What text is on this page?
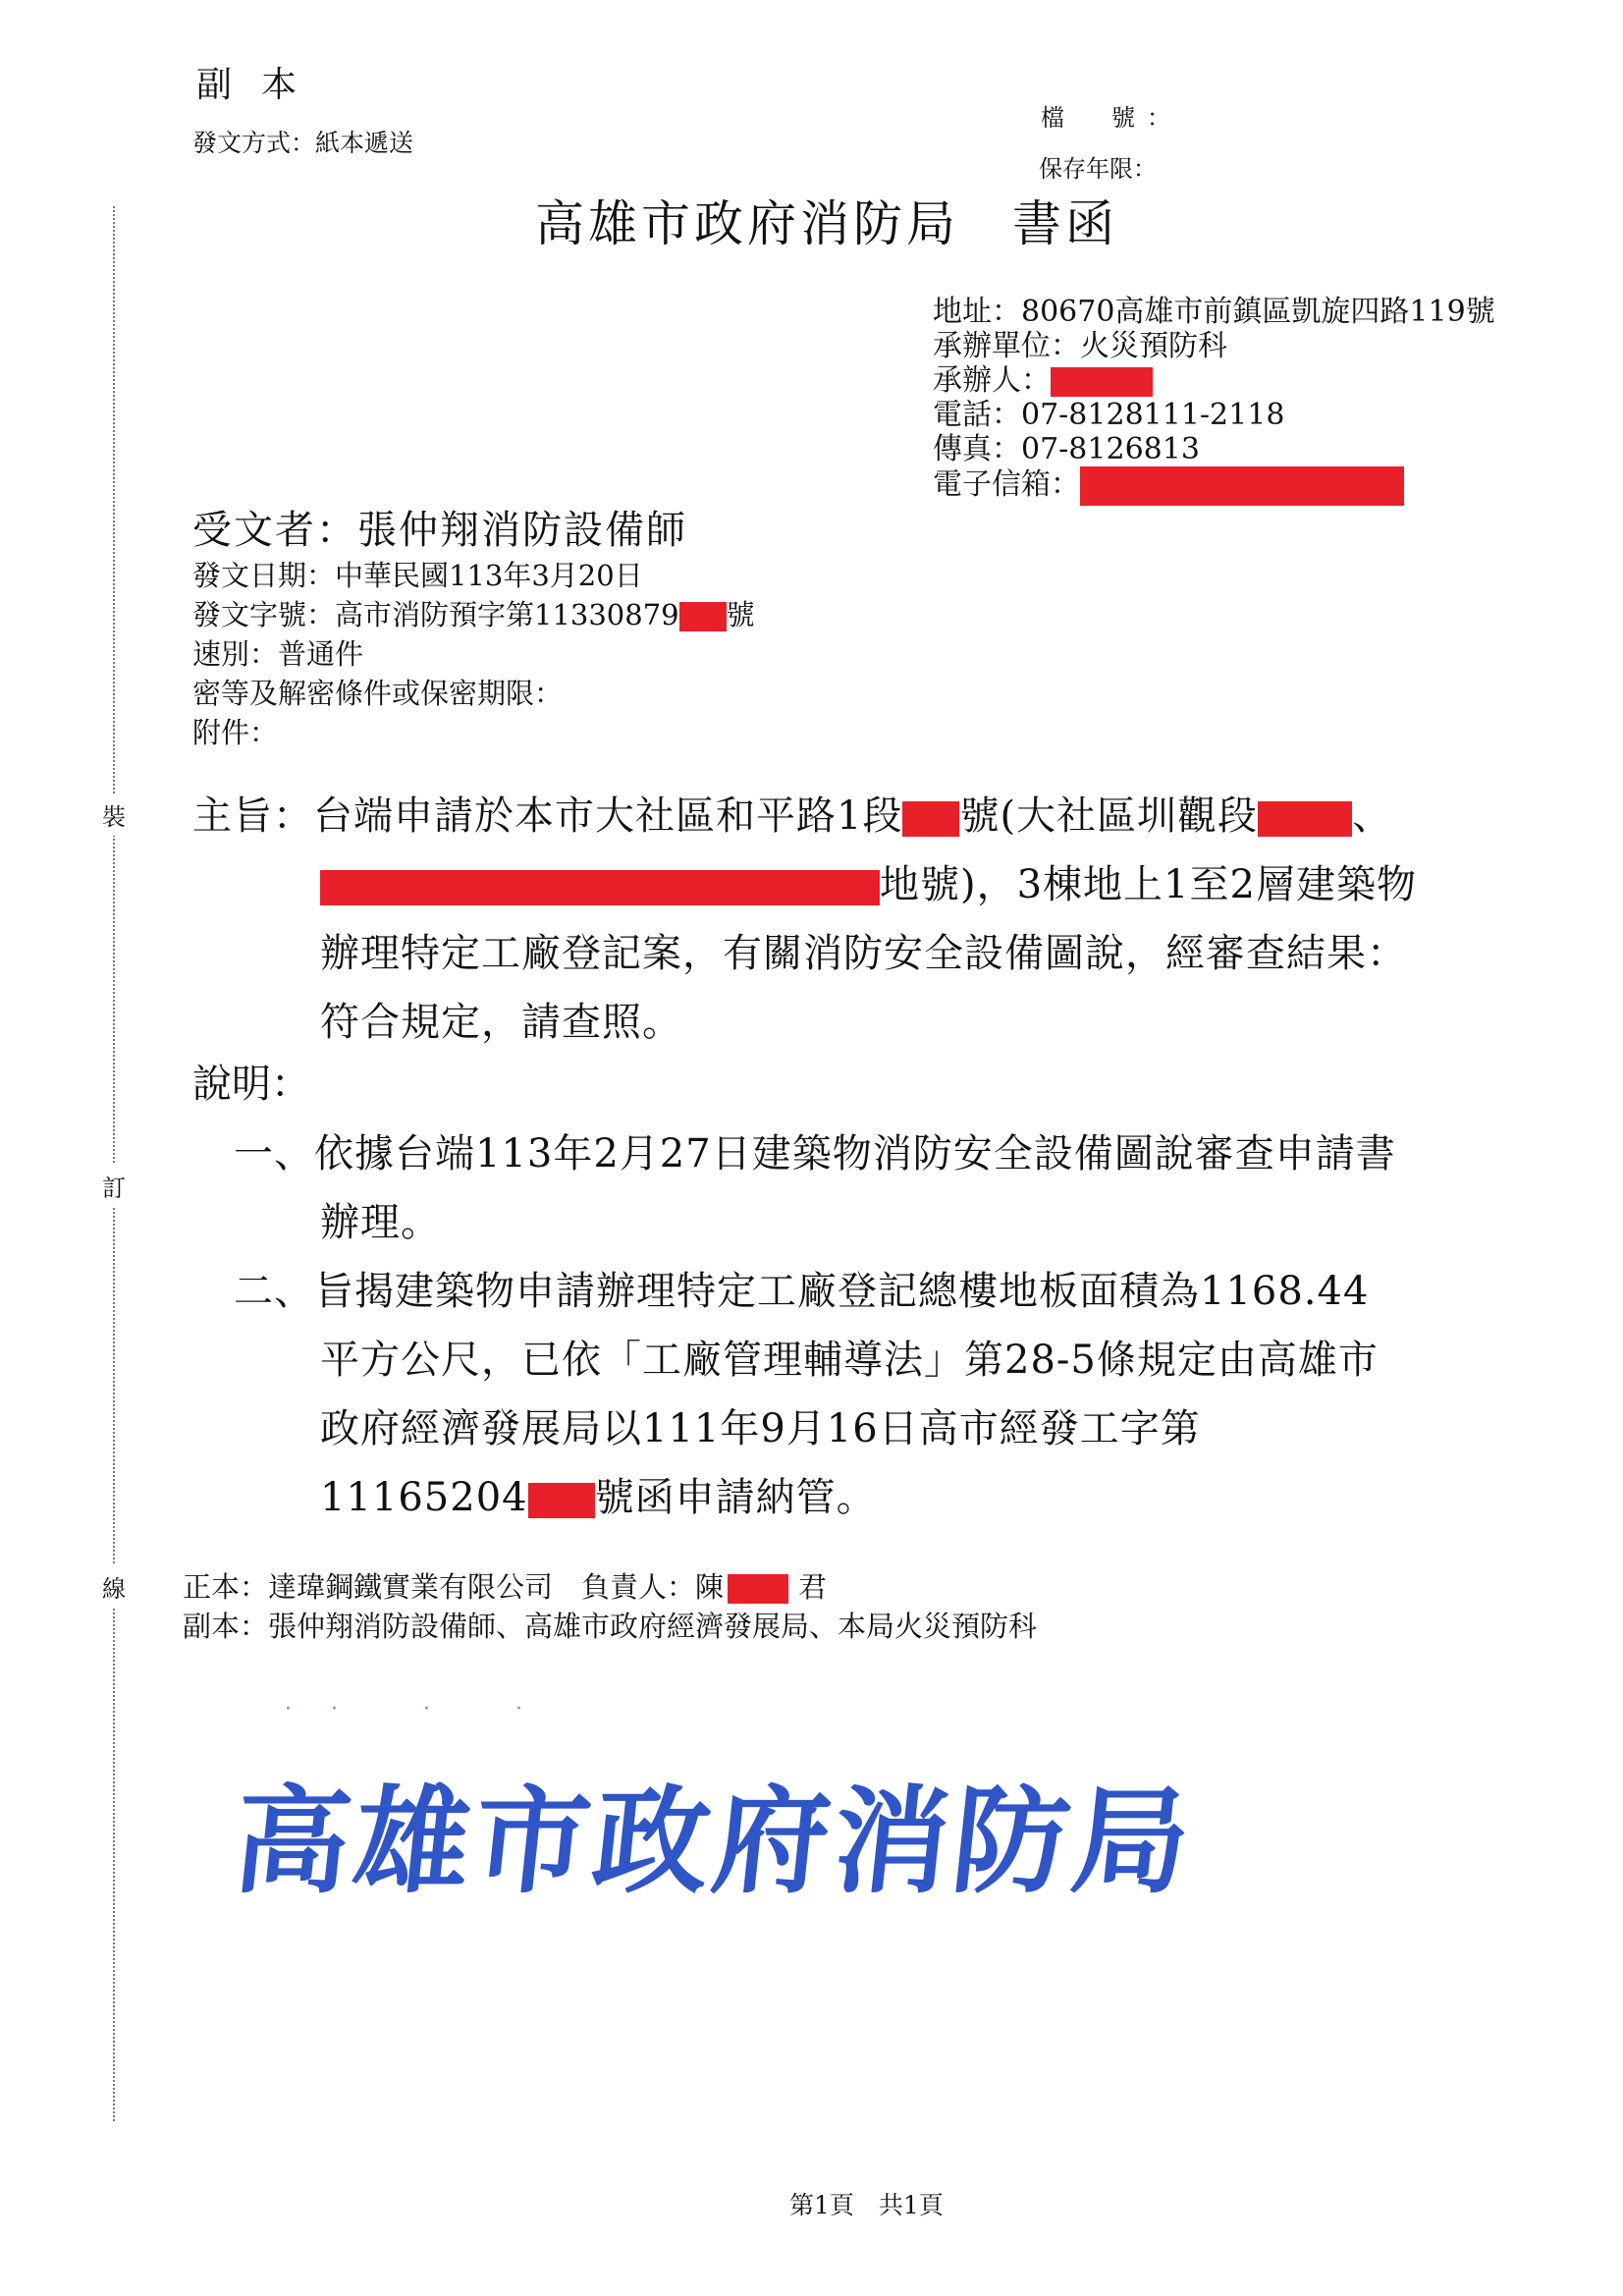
裝
訂
線
副本
發文方式：紙本遞送
檔　號：
保存年限：
高雄市政府消防局　書函
地址：80670高雄市前鎮區凱旋四路119號
承辦單位：火災預防科
承辦人：
電話：07-8128111-2118
傳真：07-8126813
電子信箱：
受文者：張仲翔消防設備師
發文日期：中華民國113年3月20日
發文字號：高市消防預字第11330879 號
速別：普通件
密等及解密條件或保密期限：
附件：
主旨：台端申請於本市大社區和平路1段 號(大社區圳觀段 、
地號)，3棟地上1至2層建築物
辦理特定工廠登記案，有關消防安全設備圖說，經審查結果：
符合規定，請查照。
說明：
一、依據台端113年2月27日建築物消防安全設備圖說審查申請書
辦理。
二、旨揭建築物申請辦理特定工廠登記總樓地板面積為1168.44
平方公尺，已依「工廠管理輔導法」第28-5條規定由高雄市
政府經濟發展局以111年9月16日高市經發工字第
11165204 號函申請納管。
正本：達瑋鋼鐵實業有限公司　負責人：陳	君
副本：張仲翔消防設備師、高雄市政府經濟發展局、本局火災預防科
·· · ·
高雄市政府消防局
第1頁　共1頁
